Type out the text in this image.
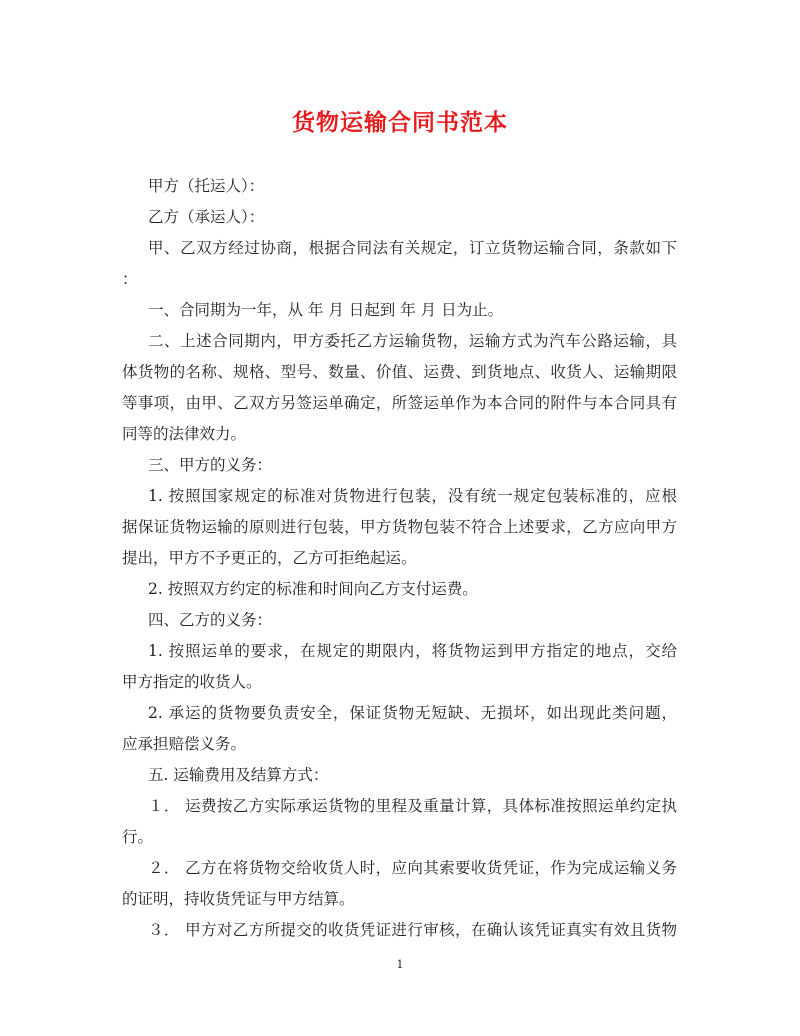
货物运输合同书范本
甲方（托运人）：
乙方（承运人）：
甲、乙双方经过协商，根据合同法有关规定，订立货物运输合同，条款如下
：
一、合同期为一年，从 年 月 日起到 年 月 日为止。
二、上述合同期内，甲方委托乙方运输货物，运输方式为汽车公路运输，具
体货物的名称、规格、型号、数量、价值、运费、到货地点、收货人、运输期限
等事项，由甲、乙双方另签运单确定，所签运单作为本合同的附件与本合同具有
同等的法律效力。
三、甲方的义务：
1. 按照国家规定的标准对货物进行包装，没有统一规定包装标准的，应根
据保证货物运输的原则进行包装，甲方货物包装不符合上述要求，乙方应向甲方
提出，甲方不予更正的，乙方可拒绝起运。
2. 按照双方约定的标准和时间向乙方支付运费。
四、乙方的义务：
1. 按照运单的要求，在规定的期限内，将货物运到甲方指定的地点，交给
甲方指定的收货人。
2. 承运的货物要负责安全，保证货物无短缺、无损坏，如出现此类问题，
应承担赔偿义务。
五. 运输费用及结算方式：
１． 运费按乙方实际承运货物的里程及重量计算，具体标准按照运单约定执
行。
２． 乙方在将货物交给收货人时，应向其索要收货凭证，作为完成运输义务
的证明，持收货凭证与甲方结算。
３． 甲方对乙方所提交的收货凭证进行审核，在确认该凭证真实有效且货物
1
